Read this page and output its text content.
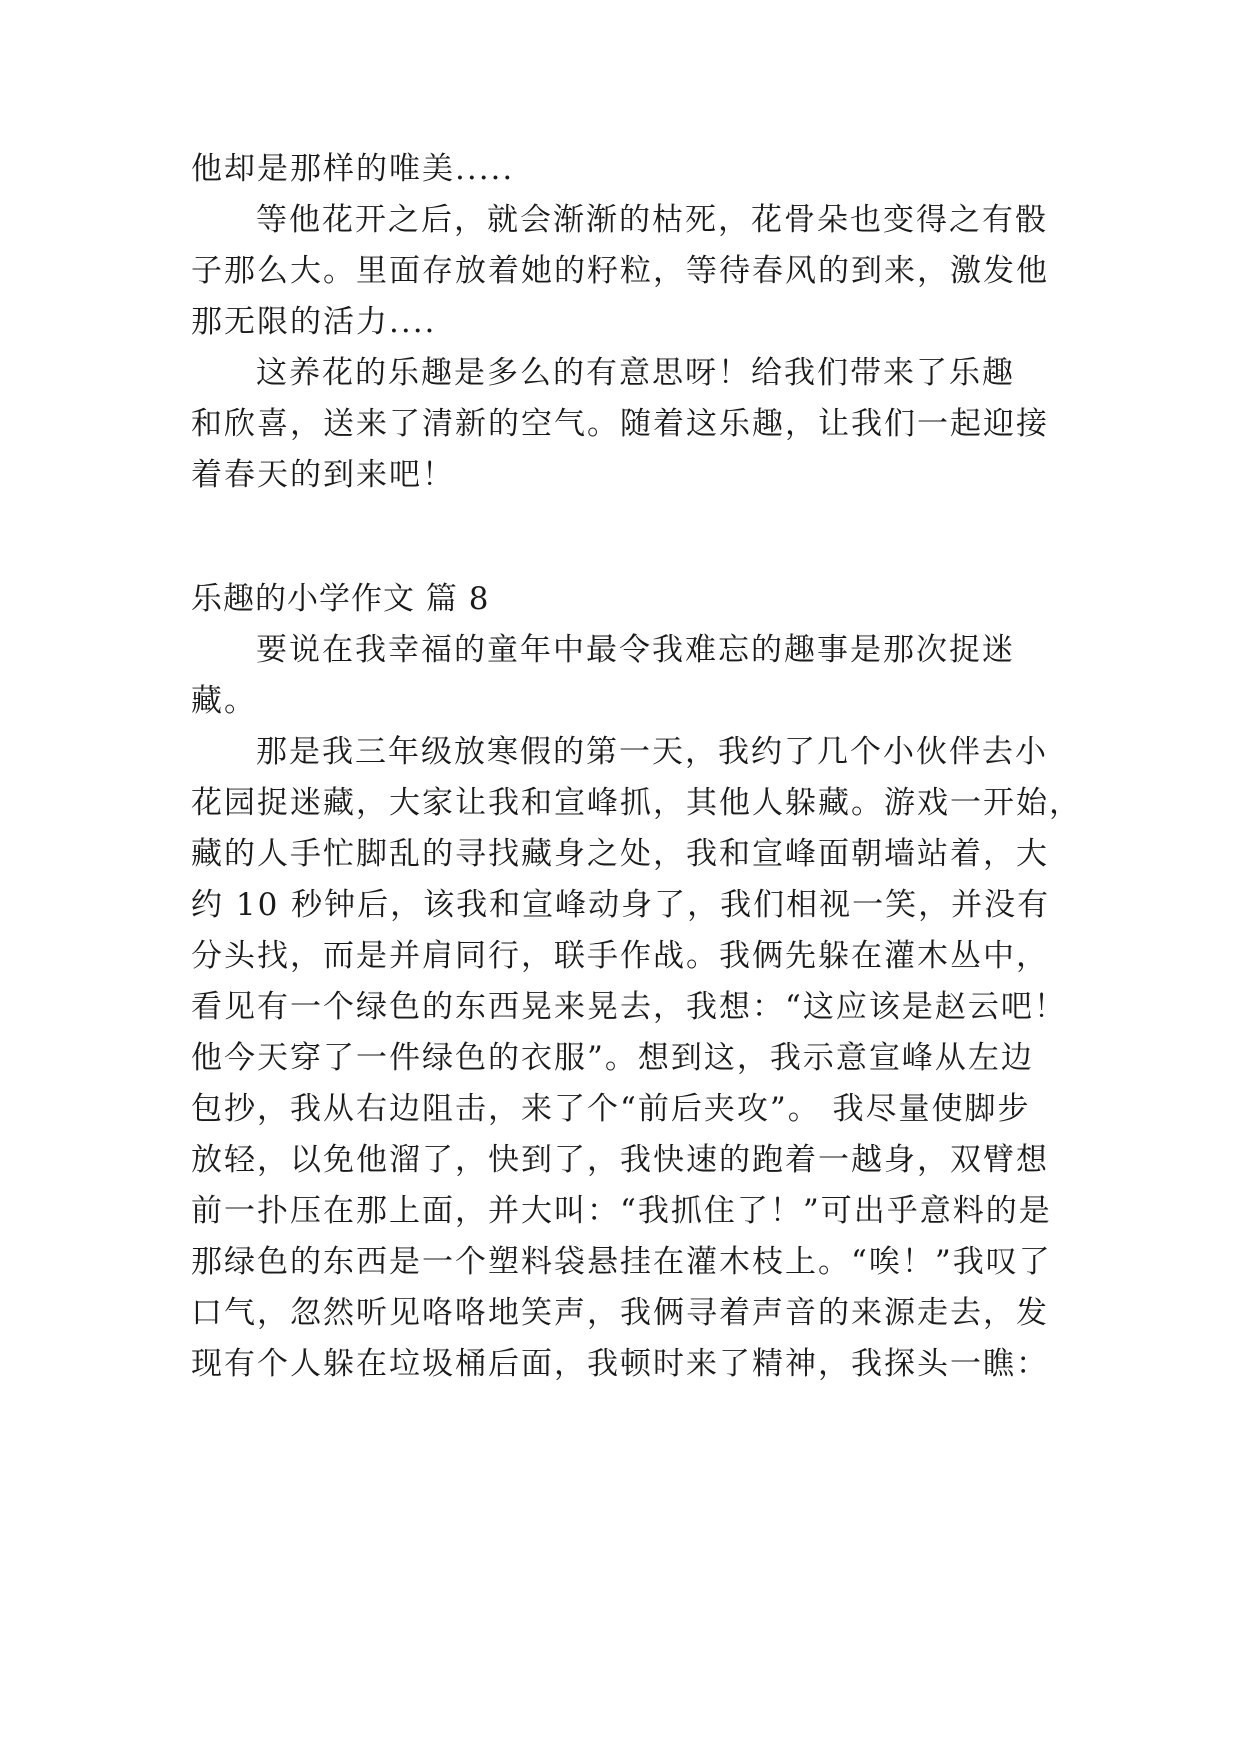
他却是那样的唯美.....
等他花开之后，就会渐渐的枯死，花骨朵也变得之有骰
子那么大。里面存放着她的籽粒，等待春风的到来，激发他
那无限的活力....
这养花的乐趣是多么的有意思呀！给我们带来了乐趣
和欣喜，送来了清新的空气。随着这乐趣，让我们一起迎接
着春天的到来吧！
乐趣的小学作文 篇 8
要说在我幸福的童年中最令我难忘的趣事是那次捉迷
藏。
那是我三年级放寒假的第一天，我约了几个小伙伴去小
花园捉迷藏，大家让我和宣峰抓，其他人躲藏。游戏一开始，
藏的人手忙脚乱的寻找藏身之处，我和宣峰面朝墙站着，大
约 10 秒钟后，该我和宣峰动身了，我们相视一笑，并没有
分头找，而是并肩同行，联手作战。我俩先躲在灌木丛中，
看见有一个绿色的东西晃来晃去，我想：“这应该是赵云吧！
他今天穿了一件绿色的衣服”。想到这，我示意宣峰从左边
包抄，我从右边阻击，来了个“前后夹攻”。 我尽量使脚步
放轻，以免他溜了，快到了，我快速的跑着一越身，双臂想
前一扑压在那上面，并大叫：“我抓住了！”可出乎意料的是
那绿色的东西是一个塑料袋悬挂在灌木枝上。“唉！”我叹了
口气，忽然听见咯咯地笑声，我俩寻着声音的来源走去，发
现有个人躲在垃圾桶后面，我顿时来了精神，我探头一瞧：
